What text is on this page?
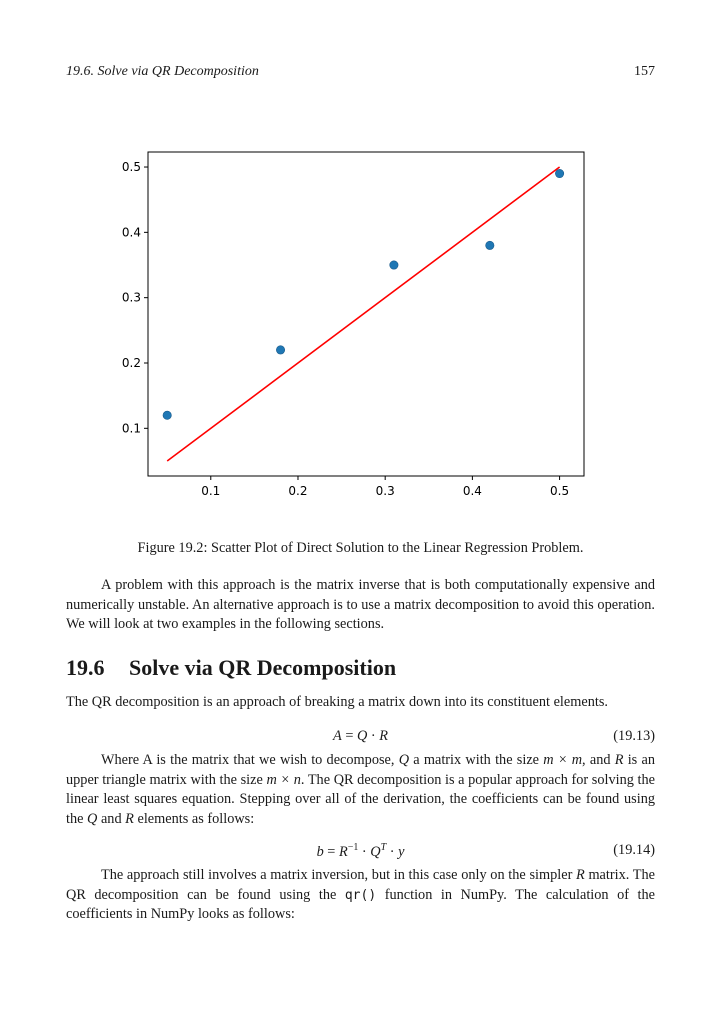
19.6. Solve via QR Decomposition	157
0.1	0.2	0.3	0.4	0.5
0.1
0.2
0.3
0.4
0.5
Figure 19.2: Scatter Plot of Direct Solution to the Linear Regression Problem.

A problem with this approach is the matrix inverse that is both computationally expensive and numerically unstable. An alternative approach is to use a matrix decomposition to avoid this operation. We will look at two examples in the following sections.

19.6 Solve via QR Decomposition

The QR decomposition is an approach of breaking a matrix down into its constituent elements.

A = Q · R	(19.13)

Where A is the matrix that we wish to decompose, Q a matrix with the size m × m, and R is an upper triangle matrix with the size m × n. The QR decomposition is a popular approach for solving the linear least squares equation. Stepping over all of the derivation, the coefficients can be found using the Q and R elements as follows:

$b = R^{-1} \cdot Q^T \cdot y$	(19.14)

The approach still involves a matrix inversion, but in this case only on the simpler R matrix. The QR decomposition can be found using the qr() function in NumPy. The calculation of the coefficients in NumPy looks as follows:
